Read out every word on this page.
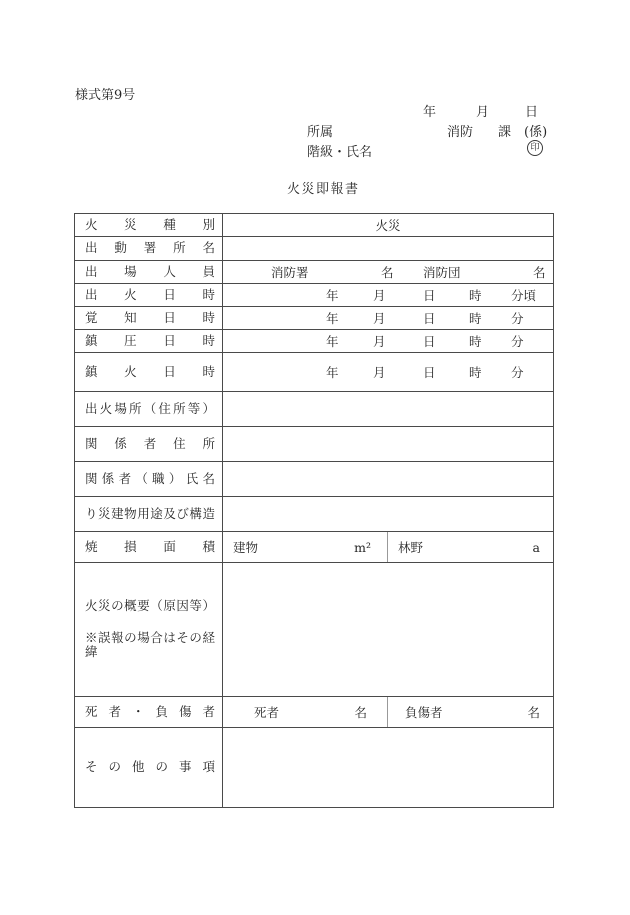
様式第9号
年	月	日
所属	消防 課 (係)
階級・氏名	印
火災即報書
火災種別	火災
出動署所名
出場人員	消防署	名 消防団	名
出火日時	年	月	日	時 分頃
覚知日時	年	月	日	時 分
鎮圧日時	年	月	日	時 分
鎮火日時	年	月	日	時 分
出火場所（住所等）
関係者住所
関係者（職）氏名
り災建物用途及び構造
焼損面積	建物	m² 林野	a
火災の概要（原因等）
※誤報の場合はその経緯
死者・負傷者	死者	名	負傷者	名
その他の事項
